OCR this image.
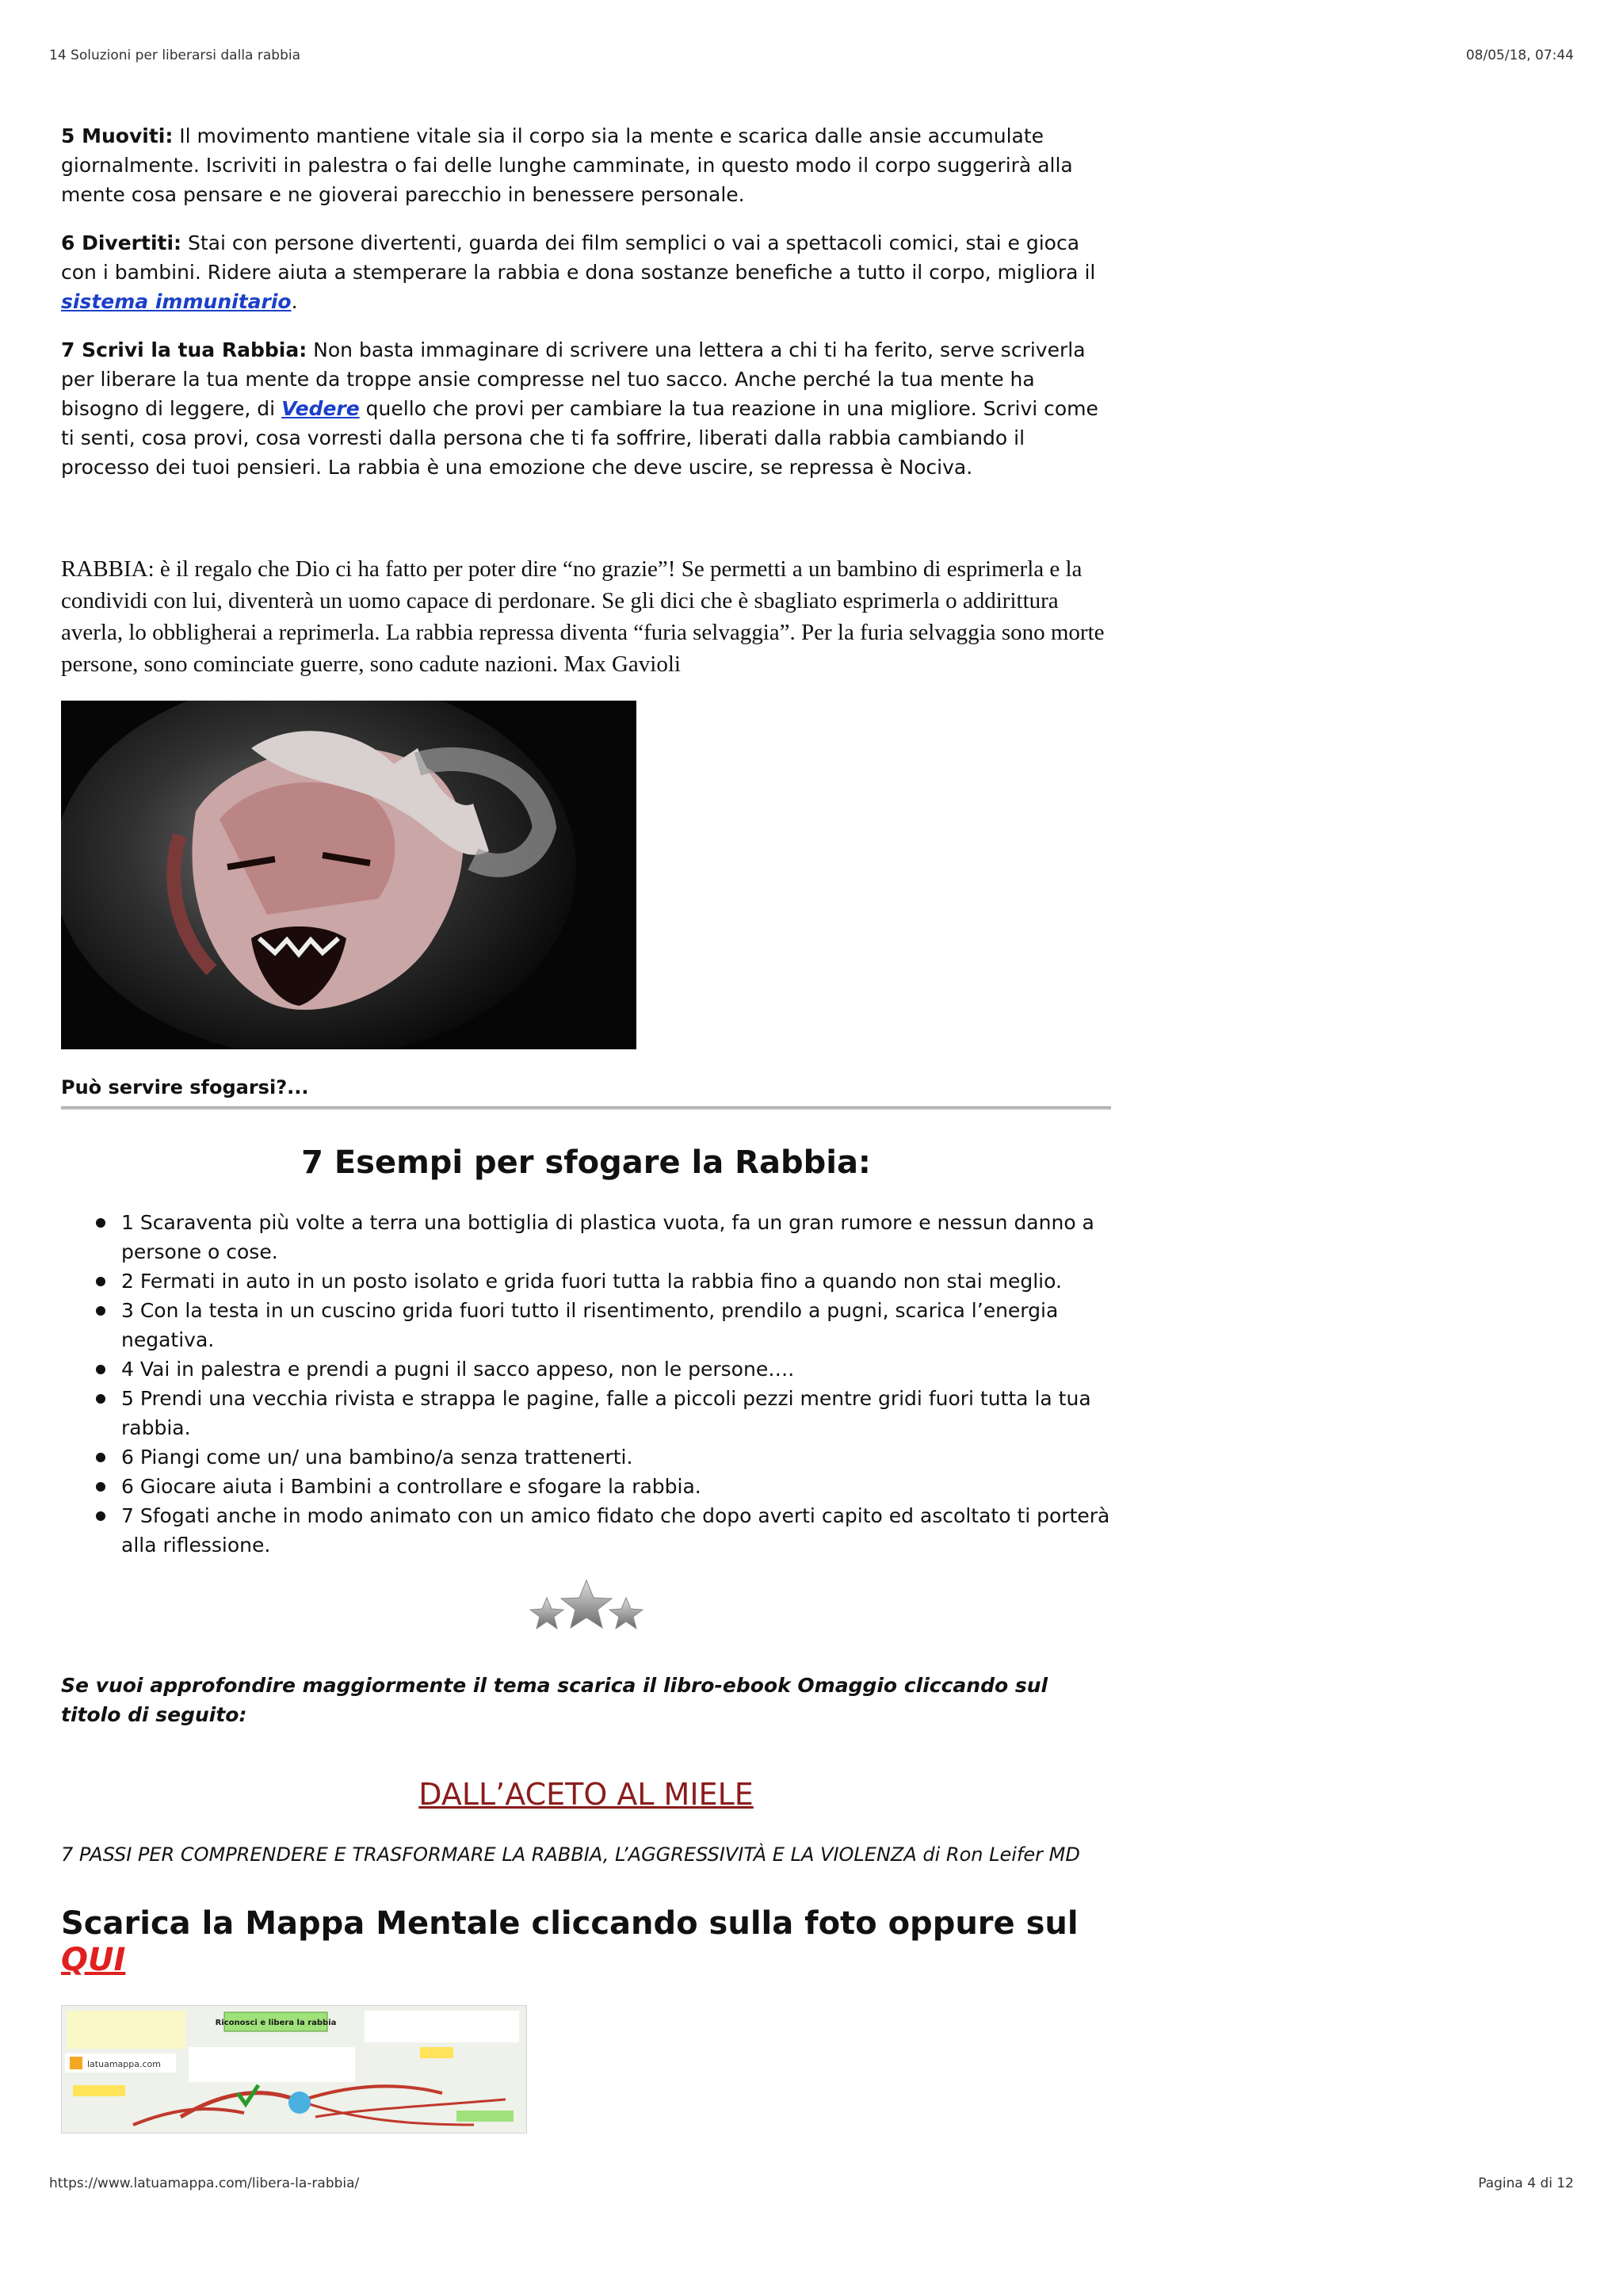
14 Soluzioni per liberarsi dalla rabbia	08/05/18, 07:44

5 Muoviti: Il movimento mantiene vitale sia il corpo sia la mente e scarica dalle ansie accumulate giornalmente. Iscriviti in palestra o fai delle lunghe camminate, in questo modo il corpo suggerirà alla mente cosa pensare e ne gioverai parecchio in benessere personale.

6 Divertiti: Stai con persone divertenti, guarda dei film semplici o vai a spettacoli comici, stai e gioca con i bambini. Ridere aiuta a stemperare la rabbia e dona sostanze benefiche a tutto il corpo, migliora il sistema immunitario.

7 Scrivi la tua Rabbia: Non basta immaginare di scrivere una lettera a chi ti ha ferito, serve scriverla per liberare la tua mente da troppe ansie compresse nel tuo sacco. Anche perché la tua mente ha bisogno di leggere, di Vedere quello che provi per cambiare la tua reazione in una migliore. Scrivi come ti senti, cosa provi, cosa vorresti dalla persona che ti fa soffrire, liberati dalla rabbia cambiando il processo dei tuoi pensieri. La rabbia è una emozione che deve uscire, se repressa è Nociva.

RABBIA: è il regalo che Dio ci ha fatto per poter dire “no grazie”! Se permetti a un bambino di esprimerla e la condividi con lui, diventerà un uomo capace di perdonare. Se gli dici che è sbagliato esprimerla o addirittura averla, lo obbligherai a reprimerla. La rabbia repressa diventa “furia selvaggia”. Per la furia selvaggia sono morte persone, sono cominciate guerre, sono cadute nazioni. Max Gavioli

Può servire sfogarsi?...

7 Esempi per sfogare la Rabbia:
1 Scaraventa più volte a terra una bottiglia di plastica vuota, fa un gran rumore e nessun danno a persone o cose.
2 Fermati in auto in un posto isolato e grida fuori tutta la rabbia fino a quando non stai meglio.
3 Con la testa in un cuscino grida fuori tutto il risentimento, prendilo a pugni, scarica l’energia negativa.
4 Vai in palestra e prendi a pugni il sacco appeso, non le persone….
5 Prendi una vecchia rivista e strappa le pagine, falle a piccoli pezzi mentre gridi fuori tutta la tua rabbia.
6 Piangi come un/ una bambino/a senza trattenerti.
6 Giocare aiuta i Bambini a controllare e sfogare la rabbia.
7 Sfogati anche in modo animato con un amico fidato che dopo averti capito ed ascoltato ti porterà alla riflessione.

Se vuoi approfondire maggiormente il tema scarica il libro-ebook Omaggio cliccando sul titolo di seguito:

DALL’ACETO AL MIELE

7 PASSI PER COMPRENDERE E TRASFORMARE LA RABBIA, L’AGGRESSIVITÀ E LA VIOLENZA di Ron Leifer MD

Scarica la Mappa Mentale cliccando sulla foto oppure sul QUI
latuamappa.com
Riconosci e libera la rabbia
https://www.latuamappa.com/libera-la-rabbia/	Pagina 4 di 12
